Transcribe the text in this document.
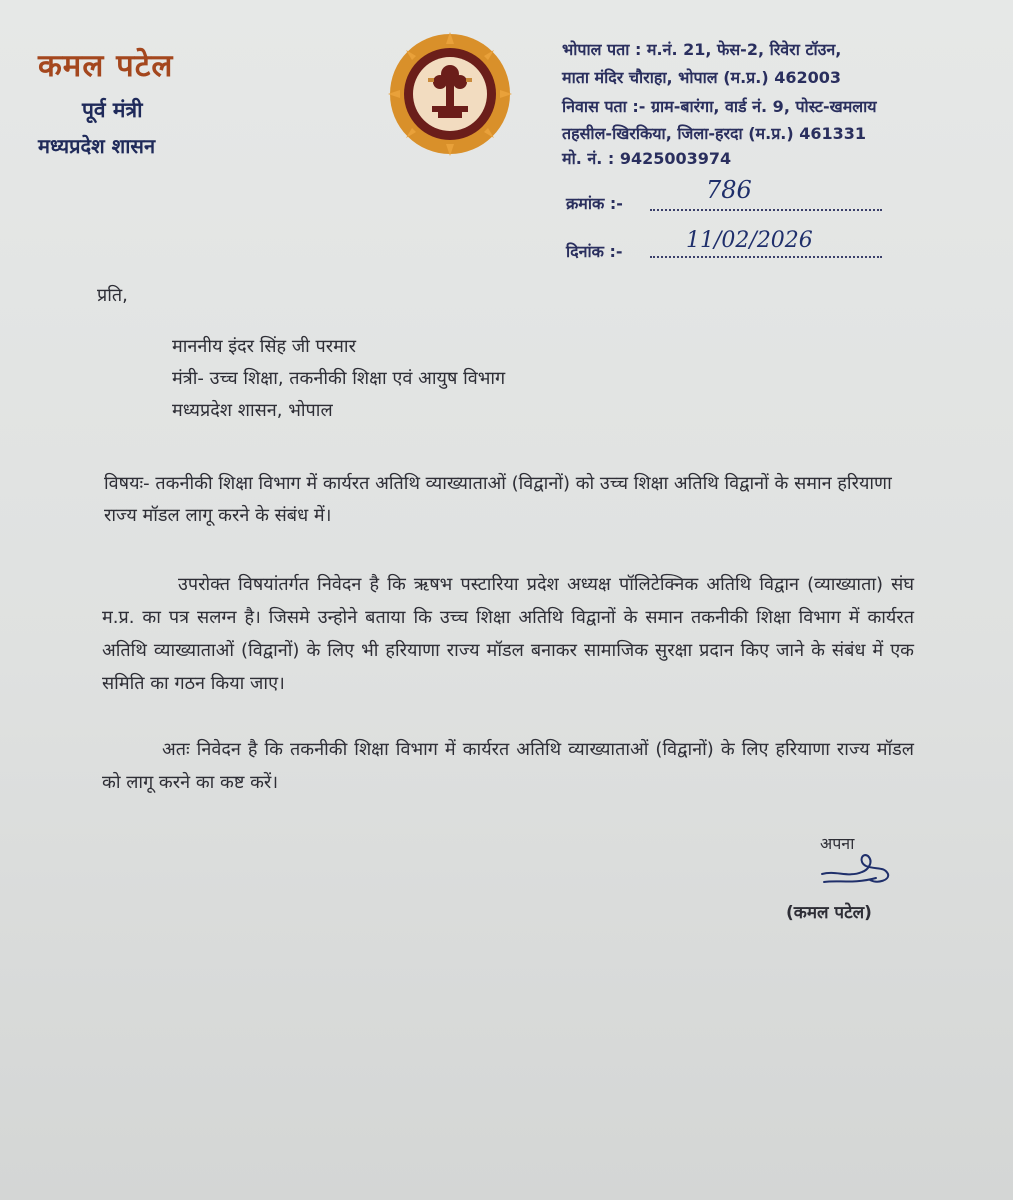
कमल पटेल
पूर्व मंत्री
मध्यप्रदेश शासन
भोपाल पता : म.नं. 21, फेस-2, रिवेरा टॉउन,
माता मंदिर चौराहा, भोपाल (म.प्र.) 462003
निवास पता :- ग्राम-बारंगा, वार्ड नं. 9, पोस्ट-खमलाय
तहसील-खिरकिया, जिला-हरदा (म.प्र.) 461331
मो. नं. : 9425003974
क्रमांक :-	786
दिनांक :-	11/02/2026
प्रति,
माननीय इंदर सिंह जी परमार
मंत्री- उच्च शिक्षा, तकनीकी शिक्षा एवं आयुष विभाग
मध्यप्रदेश शासन, भोपाल
विषयः- तकनीकी शिक्षा विभाग में कार्यरत अतिथि व्याख्याताओं (विद्वानों) को उच्च शिक्षा अतिथि विद्वानों के समान हरियाणा राज्य मॉडल लागू करने के संबंध में।
उपरोक्त विषयांतर्गत निवेदन है कि ऋषभ पस्टारिया प्रदेश अध्यक्ष पॉलिटेक्निक अतिथि विद्वान (व्याख्याता) संघ म.प्र. का पत्र सलग्न है। जिसमे उन्होने बताया कि उच्च शिक्षा अतिथि विद्वानों के समान तकनीकी शिक्षा विभाग में कार्यरत अतिथि व्याख्याताओं (विद्वानों) के लिए भी हरियाणा राज्य मॉडल बनाकर सामाजिक सुरक्षा प्रदान किए जाने के संबंध में एक समिति का गठन किया जाए।
अतः निवेदन है कि तकनीकी शिक्षा विभाग में कार्यरत अतिथि व्याख्याताओं (विद्वानों) के लिए हरियाणा राज्य मॉडल को लागू करने का कष्ट करें।
अपना
(कमल पटेल)
